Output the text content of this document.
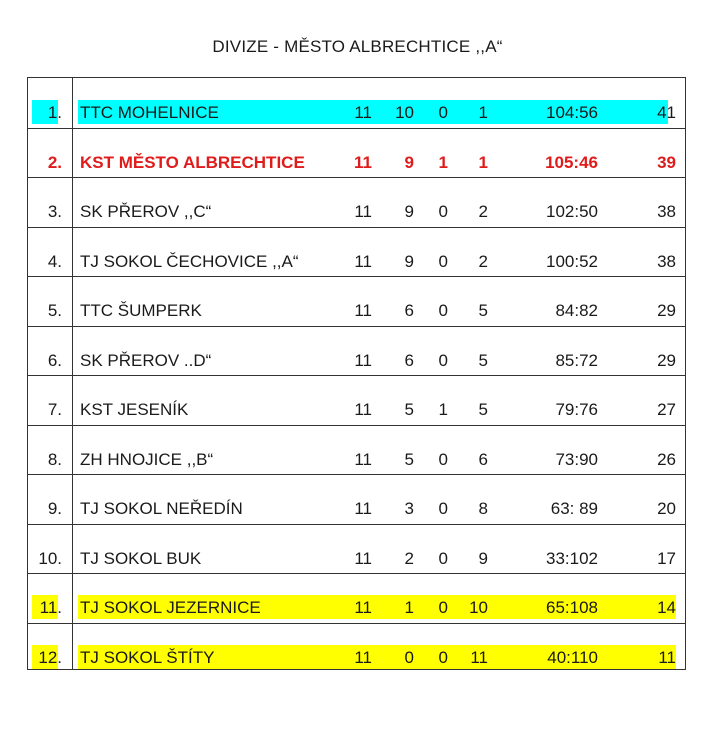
DIVIZE - MĚSTO ALBRECHTICE ,,A“
1. TTC MOHELNICE	11	10	0	1	104:56	41
2. KST MĚSTO ALBRECHTICE	11	9	1	1	105:46	39
3. SK PŘEROV ,,C“	11	9	0	2	102:50	38
4. TJ SOKOL ČECHOVICE ,,A“	11	9	0	2	100:52	38
5. TTC ŠUMPERK	11	6	0	5	84:82	29
6. SK PŘEROV ..D“	11	6	0	5	85:72	29
7. KST JESENÍK	11	5	1	5	79:76	27
8. ZH HNOJICE ,,B“	11	5	0	6	73:90	26
9. TJ SOKOL NEŘEDÍN	11	3	0	8	63: 89	20
10. TJ SOKOL BUK	11	2	0	9	33:102	17
11. TJ SOKOL JEZERNICE	11	1	0	10	65:108	14
12. TJ SOKOL ŠTÍTY	11	0	0	11	40:110	11
